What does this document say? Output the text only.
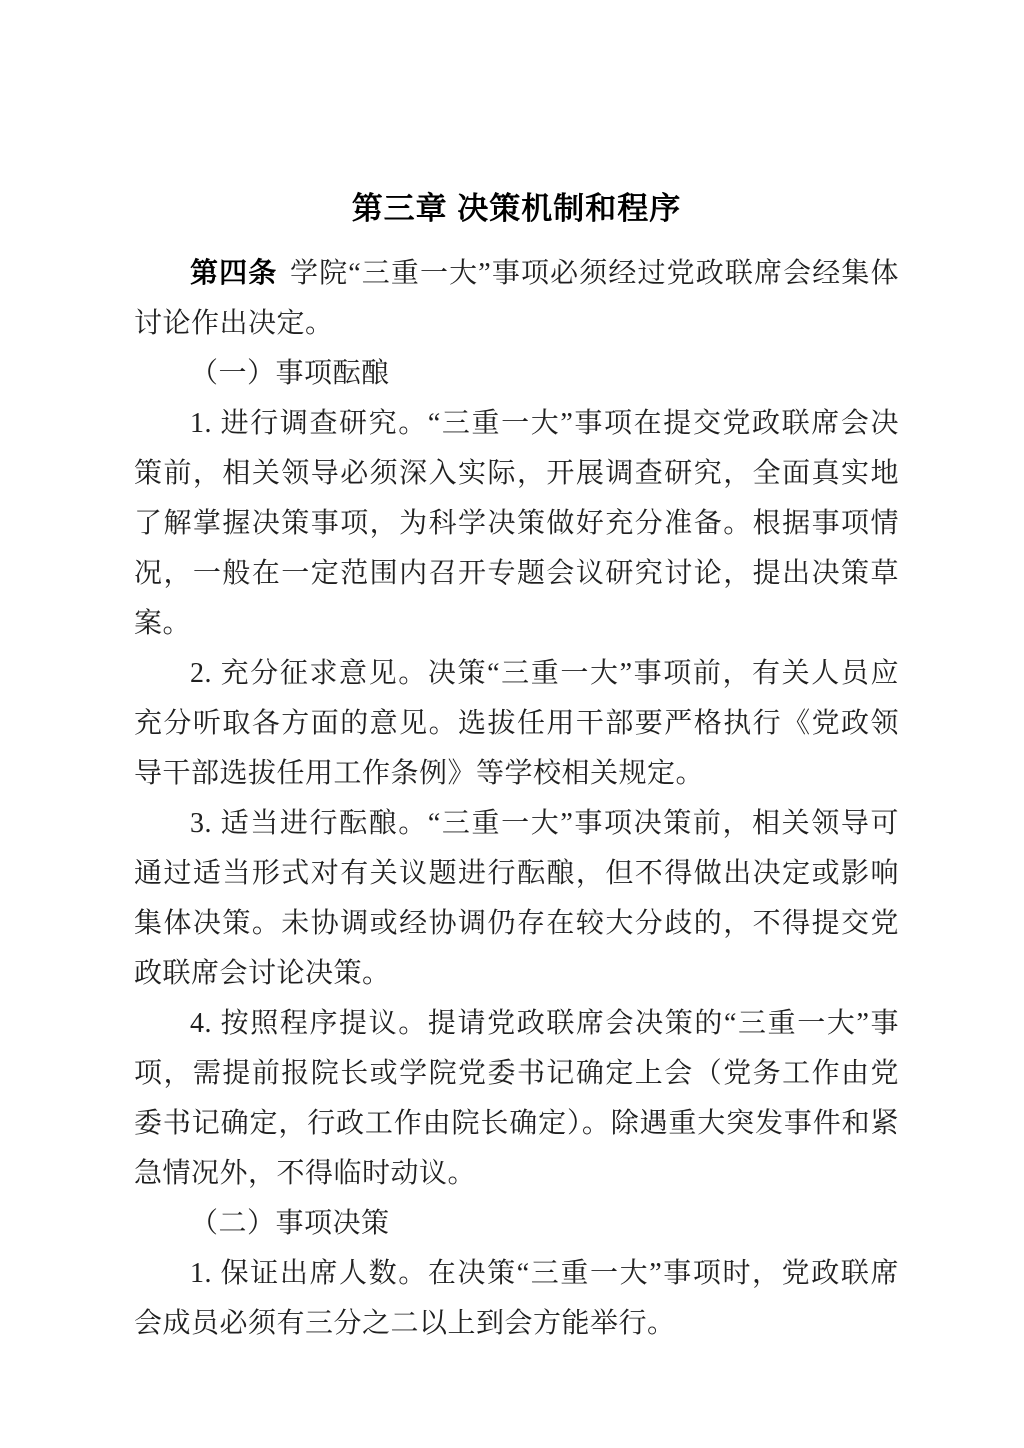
第三章 决策机制和程序

第四条 学院“三重一大”事项必须经过党政联席会经集体讨论作出决定。

（一）事项酝酿

1. 进行调查研究。“三重一大”事项在提交党政联席会决策前，相关领导必须深入实际，开展调查研究，全面真实地了解掌握决策事项，为科学决策做好充分准备。根据事项情况，一般在一定范围内召开专题会议研究讨论，提出决策草案。

2. 充分征求意见。决策“三重一大”事项前，有关人员应充分听取各方面的意见。选拔任用干部要严格执行《党政领导干部选拔任用工作条例》等学校相关规定。

3. 适当进行酝酿。“三重一大”事项决策前，相关领导可通过适当形式对有关议题进行酝酿，但不得做出决定或影响集体决策。未协调或经协调仍存在较大分歧的，不得提交党政联席会讨论决策。

4. 按照程序提议。提请党政联席会决策的“三重一大”事项，需提前报院长或学院党委书记确定上会（党务工作由党委书记确定，行政工作由院长确定）。除遇重大突发事件和紧急情况外，不得临时动议。

（二）事项决策

1. 保证出席人数。在决策“三重一大”事项时，党政联席会成员必须有三分之二以上到会方能举行。
